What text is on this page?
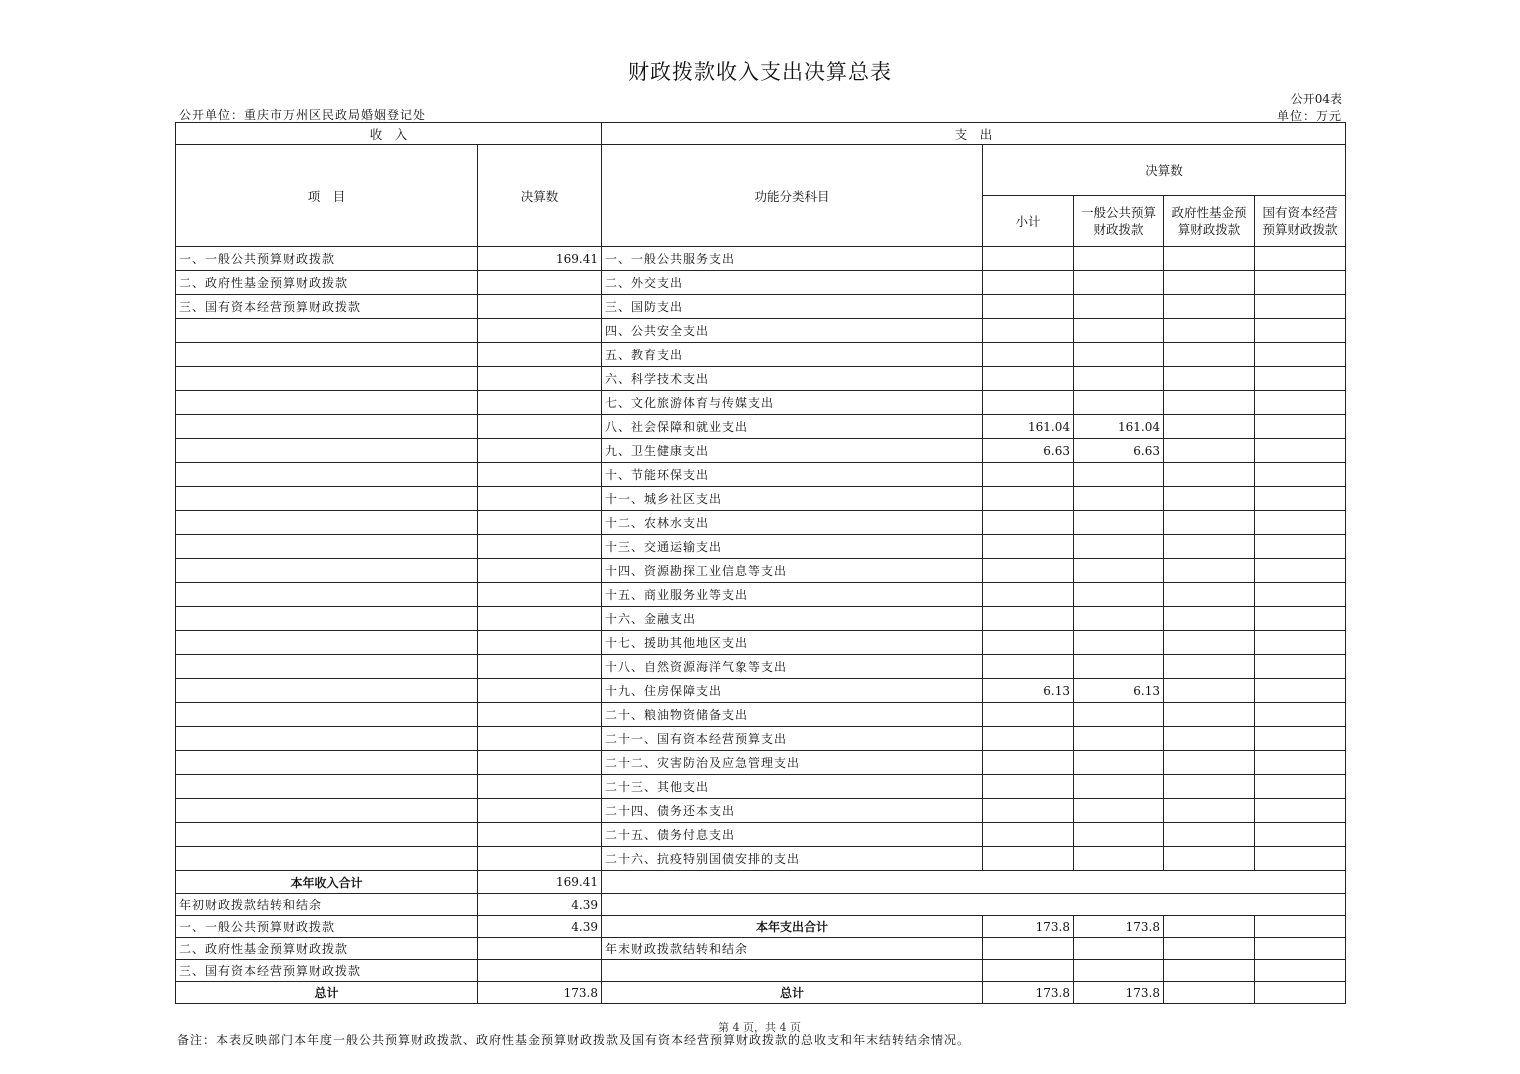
财政拨款收入支出决算总表
公开04表
公开单位：重庆市万州区民政局婚姻登记处	单位：万元
收　入		支　出				
项　目	决算数	功能分类科目	决算数			
			小计	一般公共预算财政拨款	政府性基金预算财政拨款	国有资本经营预算财政拨款
一、一般公共预算财政拨款	169.41	一、一般公共服务支出				
二、政府性基金预算财政拨款		二、外交支出				
三、国有资本经营预算财政拨款		三、国防支出				
		四、公共安全支出				
		五、教育支出				
		六、科学技术支出				
		七、文化旅游体育与传媒支出				
		八、社会保障和就业支出	161.04	161.04		
		九、卫生健康支出	6.63	6.63		
		十、节能环保支出				
		十一、城乡社区支出				
		十二、农林水支出				
		十三、交通运输支出				
		十四、资源勘探工业信息等支出				
		十五、商业服务业等支出				
		十六、金融支出				
		十七、援助其他地区支出				
		十八、自然资源海洋气象等支出				
		十九、住房保障支出	6.13	6.13		
		二十、粮油物资储备支出				
		二十一、国有资本经营预算支出				
		二十二、灾害防治及应急管理支出				
		二十三、其他支出				
		二十四、债务还本支出				
		二十五、债务付息支出				
		二十六、抗疫特别国债安排的支出				
本年收入合计	169.41					
年初财政拨款结转和结余	4.39					
一、一般公共预算财政拨款	4.39	本年支出合计	173.8	173.8		
二、政府性基金预算财政拨款		年末财政拨款结转和结余				
三、国有资本经营预算财政拨款						
总计	173.8	总计	173.8	173.8		
第 4 页，共 4 页
备注：本表反映部门本年度一般公共预算财政拨款、政府性基金预算财政拨款及国有资本经营预算财政拨款的总收支和年末结转结余情况。
